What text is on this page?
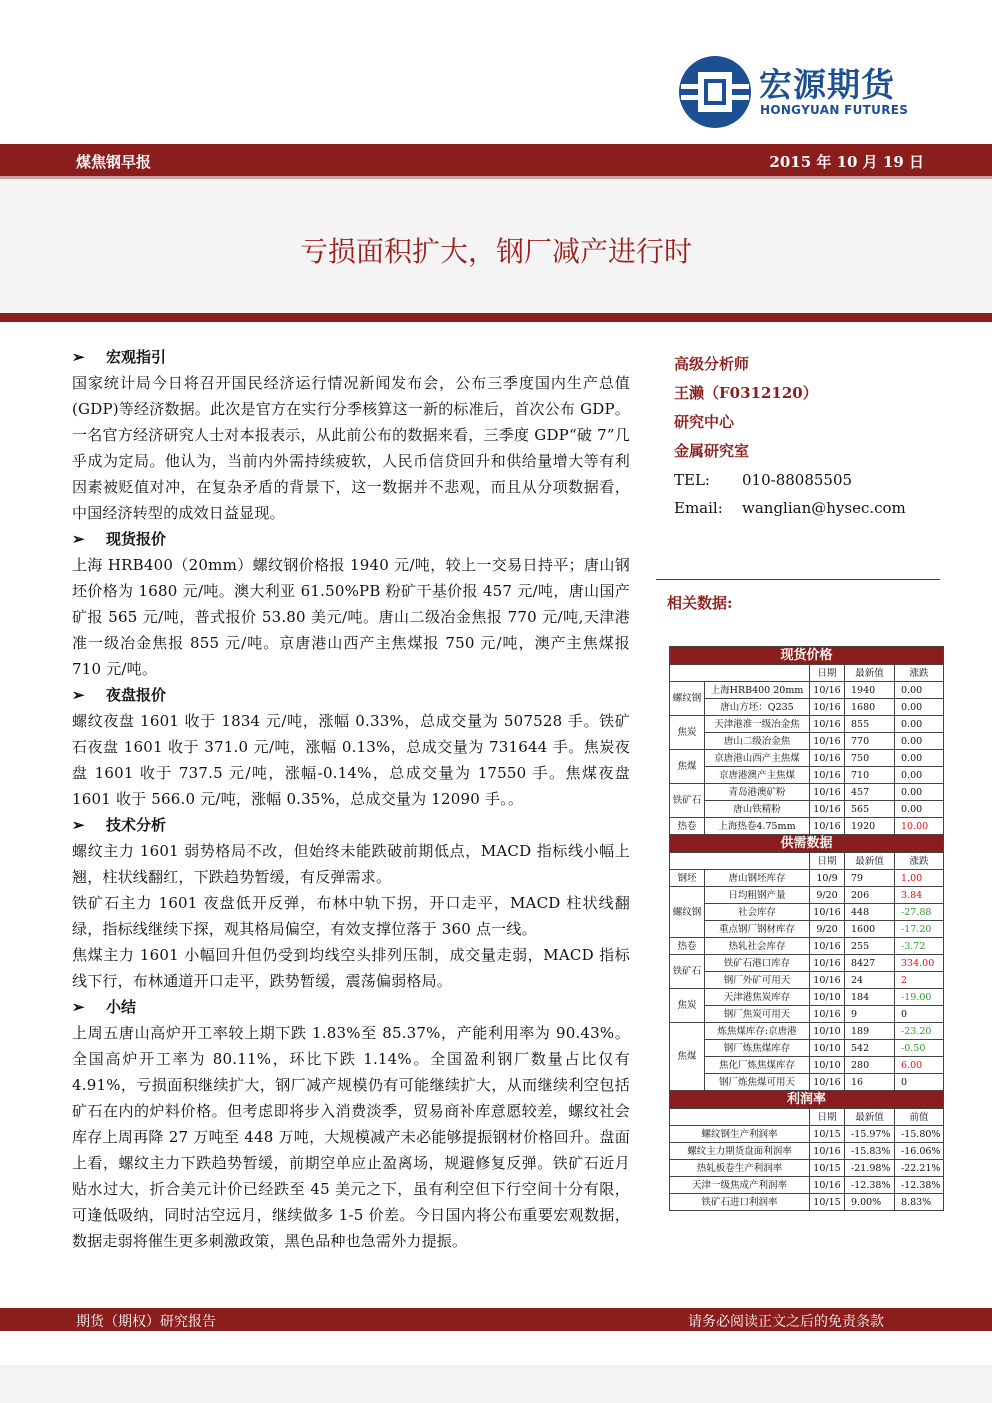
宏源期货
HONGYUAN FUTURES
煤焦钢早报	2015 年 10 月 19 日
亏损面积扩大，钢厂减产进行时
➢ 宏观指引
国家统计局今日将召开国民经济运行情况新闻发布会，公布三季度国内生产总值(GDP)等经济数据。此次是官方在实行分季核算这一新的标准后，首次公布 GDP。一名官方经济研究人士对本报表示，从此前公布的数据来看，三季度 GDP“破 7”几乎成为定局。他认为，当前内外需持续疲软，人民币信贷回升和供给量增大等有利因素被贬值对冲，在复杂矛盾的背景下，这一数据并不悲观，而且从分项数据看，中国经济转型的成效日益显现。
➢ 现货报价
上海 HRB400（20mm）螺纹钢价格报 1940 元/吨，较上一交易日持平；唐山钢坯价格为 1680 元/吨。澳大利亚 61.50%PB 粉矿干基价报 457 元/吨，唐山国产矿报 565 元/吨，普式报价 53.80 美元/吨。唐山二级冶金焦报 770 元/吨,天津港准一级冶金焦报 855 元/吨。京唐港山西产主焦煤报 750 元/吨，澳产主焦煤报 710 元/吨。
➢ 夜盘报价
螺纹夜盘 1601 收于 1834 元/吨，涨幅 0.33%，总成交量为 507528 手。铁矿石夜盘 1601 收于 371.0 元/吨，涨幅 0.13%，总成交量为 731644 手。焦炭夜盘 1601 收于 737.5 元/吨，涨幅-0.14%，总成交量为 17550 手。焦煤夜盘 1601 收于 566.0 元/吨，涨幅 0.35%，总成交量为 12090 手。。
➢ 技术分析
螺纹主力 1601 弱势格局不改，但始终未能跌破前期低点，MACD 指标线小幅上翘，柱状线翻红，下跌趋势暂缓，有反弹需求。
铁矿石主力 1601 夜盘低开反弹，布林中轨下拐，开口走平，MACD 柱状线翻绿，指标线继续下探，观其格局偏空，有效支撑位落于 360 点一线。
焦煤主力 1601 小幅回升但仍受到均线空头排列压制，成交量走弱，MACD 指标线下行，布林通道开口走平，跌势暂缓，震荡偏弱格局。
➢ 小结
上周五唐山高炉开工率较上期下跌 1.83%至 85.37%，产能利用率为 90.43%。全国高炉开工率为 80.11%，环比下跌 1.14%。全国盈利钢厂数量占比仅有 4.91%，亏损面积继续扩大，钢厂减产规模仍有可能继续扩大，从而继续利空包括矿石在内的炉料价格。但考虑即将步入消费淡季，贸易商补库意愿较差，螺纹社会库存上周再降 27 万吨至 448 万吨，大规模减产未必能够提振钢材价格回升。盘面上看，螺纹主力下跌趋势暂缓，前期空单应止盈离场，规避修复反弹。铁矿石近月贴水过大，折合美元计价已经跌至 45 美元之下，虽有利空但下行空间十分有限，可逢低吸纳，同时沽空远月，继续做多 1-5 价差。今日国内将公布重要宏观数据，数据走弱将催生更多刺激政策，黑色品种也急需外力提振。
高级分析师
王濑（F0312120）
研究中心
金属研究室
TEL: 010-88085505
Email: wanglian@hysec.com
相关数据:
现货价格				
		日期	最新值	涨跌
螺纹钢	上海HRB400 20mm	10/16	1940	0.00
	唐山方坯：Q235	10/16	1680	0.00
焦炭	天津港准一级冶金焦	10/16	855	0.00
	唐山二级冶金焦	10/16	770	0.00
焦煤	京唐港山西产主焦煤	10/16	750	0.00
	京唐港澳产主焦煤	10/16	710	0.00
铁矿石	青岛港澳矿粉	10/16	457	0.00
	唐山铁精粉	10/16	565	0.00
热卷	上海热卷4.75mm	10/16	1920	10.00
供需数据				
		日期	最新值	涨跌
钢坯	唐山钢坯库存	10/9	79	1.00
螺纹钢	日均粗钢产量	9/20	206	3.84
	社会库存	10/16	448	-27.88
	重点钢厂钢材库存	9/20	1600	-17.20
热卷	热轧社会库存	10/16	255	-3.72
铁矿石	铁矿石港口库存	10/16	8427	334.00
	钢厂外矿可用天	10/16	24	2
焦炭	天津港焦炭库存	10/10	184	-19.00
	钢厂焦炭可用天	10/16	9	0
焦煤	炼焦煤库存:京唐港	10/10	189	-23.20
	钢厂炼焦煤库存	10/10	542	-0.50
	焦化厂炼焦煤库存	10/10	280	6.00
	钢厂炼焦煤可用天	10/16	16	0
利润率				
		日期	最新值	前值
螺纹钢生产利润率		10/15	-15.97%	-15.80%
螺纹主力期货盘面利润率		10/16	-15.83%	-16.06%
热轧板卷生产利润率		10/15	-21.98%	-22.21%
天津一级焦成产利润率		10/16	-12.38%	-12.38%
铁矿石进口利润率		10/15	9.00%	8.83%
期货（期权）研究报告	请务必阅读正文之后的免责条款
